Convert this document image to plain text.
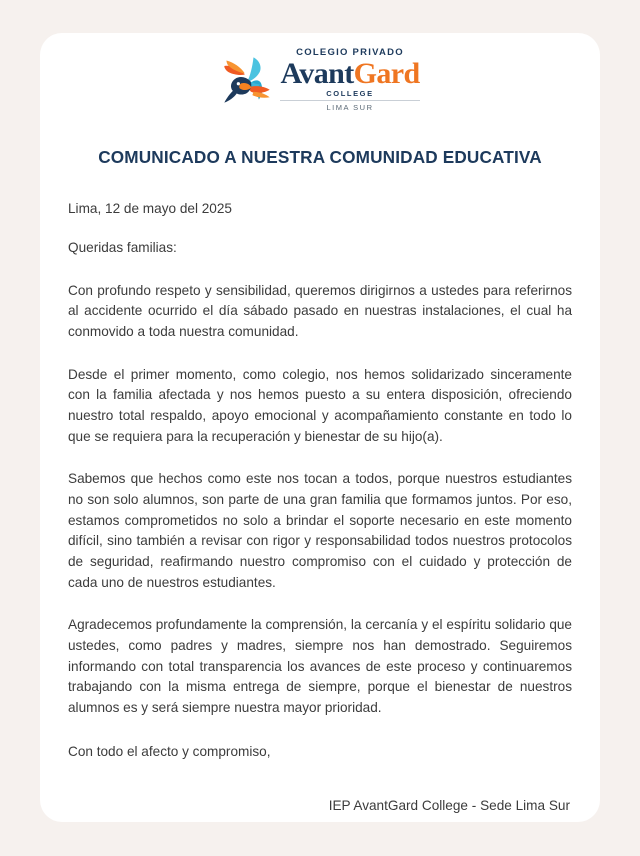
COLEGIO PRIVADO
AvantGard
COLLEGE
LIMA SUR
COMUNICADO A NUESTRA COMUNIDAD EDUCATIVA

Lima, 12 de mayo del 2025

Queridas familias:

Con profundo respeto y sensibilidad, queremos dirigirnos a ustedes para referirnos al accidente ocurrido el día sábado pasado en nuestras instalaciones, el cual ha conmovido a toda nuestra comunidad.

Desde el primer momento, como colegio, nos hemos solidarizado sinceramente con la familia afectada y nos hemos puesto a su entera disposición, ofreciendo nuestro total respaldo, apoyo emocional y acompañamiento constante en todo lo que se requiera para la recuperación y bienestar de su hijo(a).

Sabemos que hechos como este nos tocan a todos, porque nuestros estudiantes no son solo alumnos, son parte de una gran familia que formamos juntos. Por eso, estamos comprometidos no solo a brindar el soporte necesario en este momento difícil, sino también a revisar con rigor y responsabilidad todos nuestros protocolos de seguridad, reafirmando nuestro compromiso con el cuidado y protección de cada uno de nuestros estudiantes.

Agradecemos profundamente la comprensión, la cercanía y el espíritu solidario que ustedes, como padres y madres, siempre nos han demostrado. Seguiremos informando con total transparencia los avances de este proceso y continuaremos trabajando con la misma entrega de siempre, porque el bienestar de nuestros alumnos es y será siempre nuestra mayor prioridad.

Con todo el afecto y compromiso,

IEP AvantGard College - Sede Lima Sur
